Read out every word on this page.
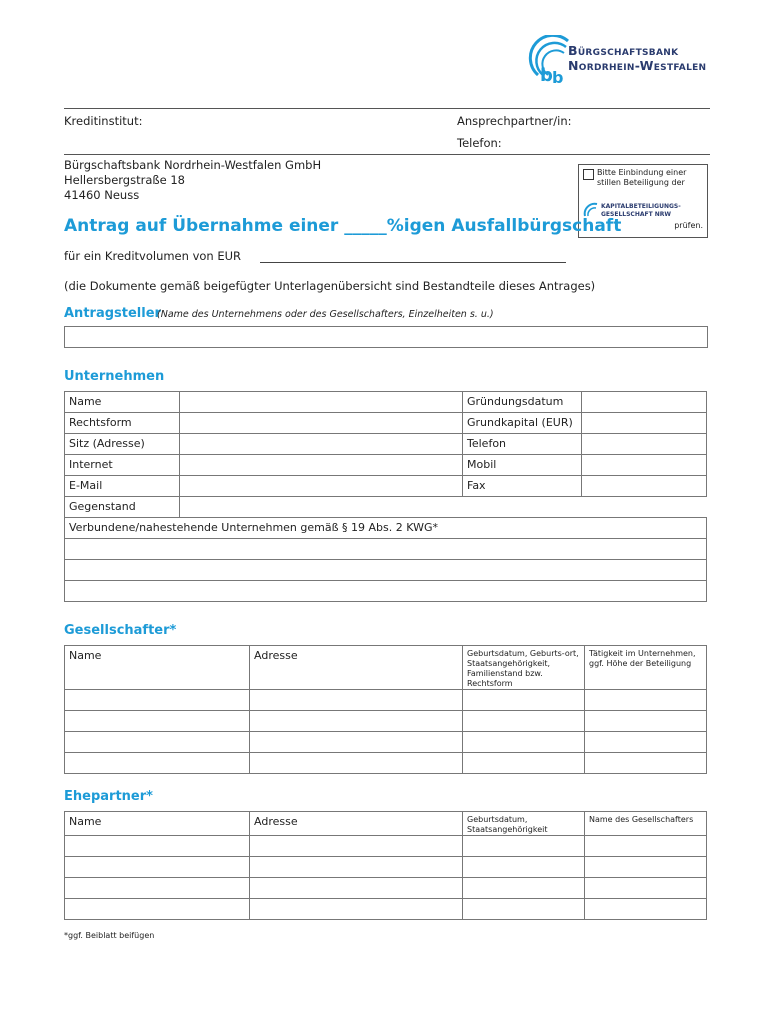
b b
Bürgschaftsbank
Nordrhein-Westfalen
Kreditinstitut:	Ansprechpartner/in:
Telefon:
Bürgschaftsbank Nordrhein-Westfalen GmbH
Hellersbergstraße 18
41460 Neuss
Bitte Einbindung einer
stillen Beteiligung der
KAPITALBETEILIGUNGS-
GESELLSCHAFT NRW
prüfen.
Antrag auf Übernahme einer _____%igen Ausfallbürgschaft
für ein Kreditvolumen von EUR
(die Dokumente gemäß beigefügter Unterlagenübersicht sind Bestandteile dieses Antrages)
Antragsteller
(Name des Unternehmens oder des Gesellschafters, Einzelheiten s. u.)
Unternehmen
Name		Gründungsdatum	
Rechtsform		Grundkapital (EUR)	
Sitz (Adresse)		Telefon	
Internet		Mobil	
E-Mail		Fax	
Gegenstand			
Verbundene/nahestehende Unternehmen gemäß § 19 Abs. 2 KWG*			

Gesellschafter*
Name	Adresse	Geburtsdatum, Geburts-ort, Staatsangehörigkeit, Familienstand bzw. Rechtsform	Tätigkeit im Unternehmen, ggf. Höhe der Beteiligung

Ehepartner*
Name	Adresse	Geburtsdatum, Staatsangehörigkeit	Name des Gesellschafters

*ggf. Beiblatt beifügen
